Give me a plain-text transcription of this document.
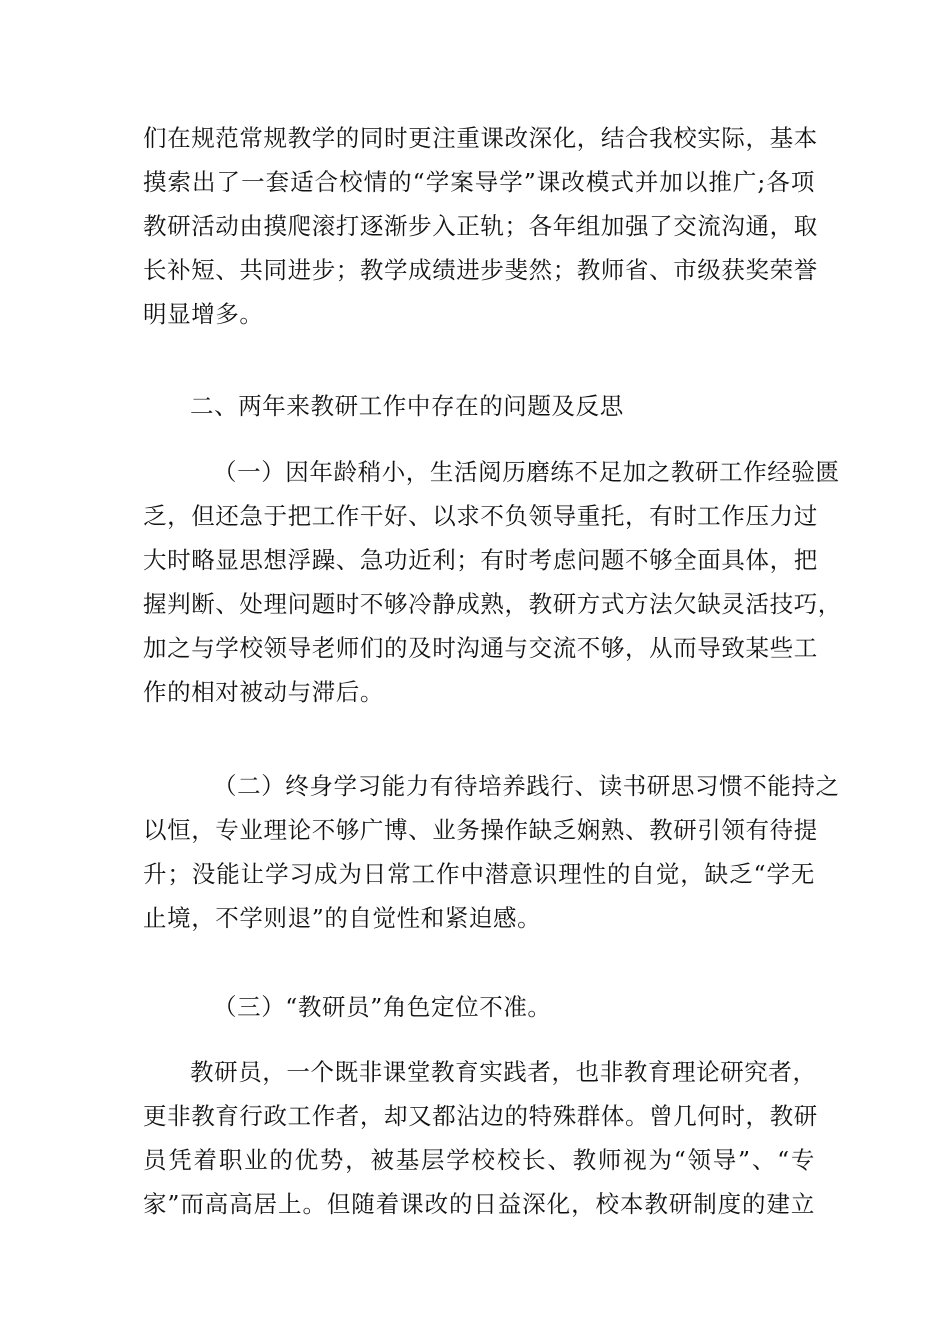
们在规范常规教学的同时更注重课改深化，结合我校实际，基本
摸索出了一套适合校情的“学案导学”课改模式并加以推广;各项
教研活动由摸爬滚打逐渐步入正轨；各年组加强了交流沟通，取
长补短、共同进步；教学成绩进步斐然；教师省、市级获奖荣誉
明显增多。
二、两年来教研工作中存在的问题及反思
（一）因年龄稍小，生活阅历磨练不足加之教研工作经验匮
乏，但还急于把工作干好、以求不负领导重托，有时工作压力过
大时略显思想浮躁、急功近利；有时考虑问题不够全面具体，把
握判断、处理问题时不够冷静成熟，教研方式方法欠缺灵活技巧，
加之与学校领导老师们的及时沟通与交流不够，从而导致某些工
作的相对被动与滞后。
（二）终身学习能力有待培养践行、读书研思习惯不能持之
以恒，专业理论不够广博、业务操作缺乏娴熟、教研引领有待提
升；没能让学习成为日常工作中潜意识理性的自觉，缺乏“学无
止境，不学则退”的自觉性和紧迫感。
（三）“教研员”角色定位不准。
教研员，一个既非课堂教育实践者，也非教育理论研究者，
更非教育行政工作者，却又都沾边的特殊群体。曾几何时，教研
员凭着职业的优势，被基层学校校长、教师视为“领导”、“专
家”而高高居上。但随着课改的日益深化，校本教研制度的建立
